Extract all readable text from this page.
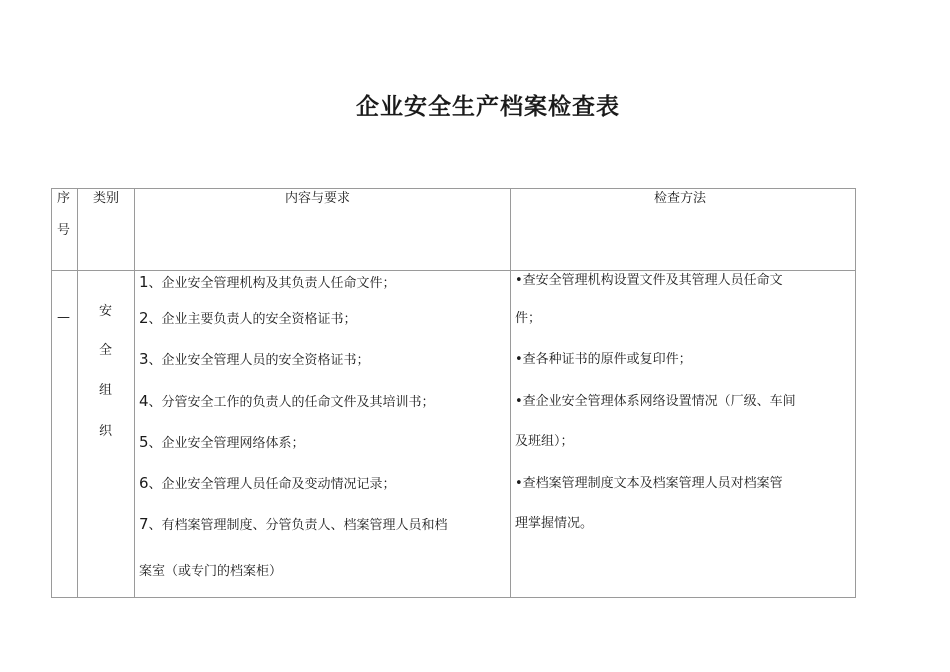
企业安全生产档案检查表
序
号
类别	内容与要求	检查方法
— 安
全
组
织
1、企业安全管理机构及其负责人任命文件；
2、企业主要负责人的安全资格证书；
3、企业安全管理人员的安全资格证书；
4、分管安全工作的负责人的任命文件及其培训书；
5、企业安全管理网络体系；
6、企业安全管理人员任命及变动情况记录；
7、有档案管理制度、分管负责人、档案管理人员和档
案室（或专门的档案柜）
•查安全管理机构设置文件及其管理人员任命文
件；
•查各种证书的原件或复印件；
•查企业安全管理体系网络设置情况（厂级、车间
及班组）；
•查档案管理制度文本及档案管理人员对档案管
理掌握情况。
